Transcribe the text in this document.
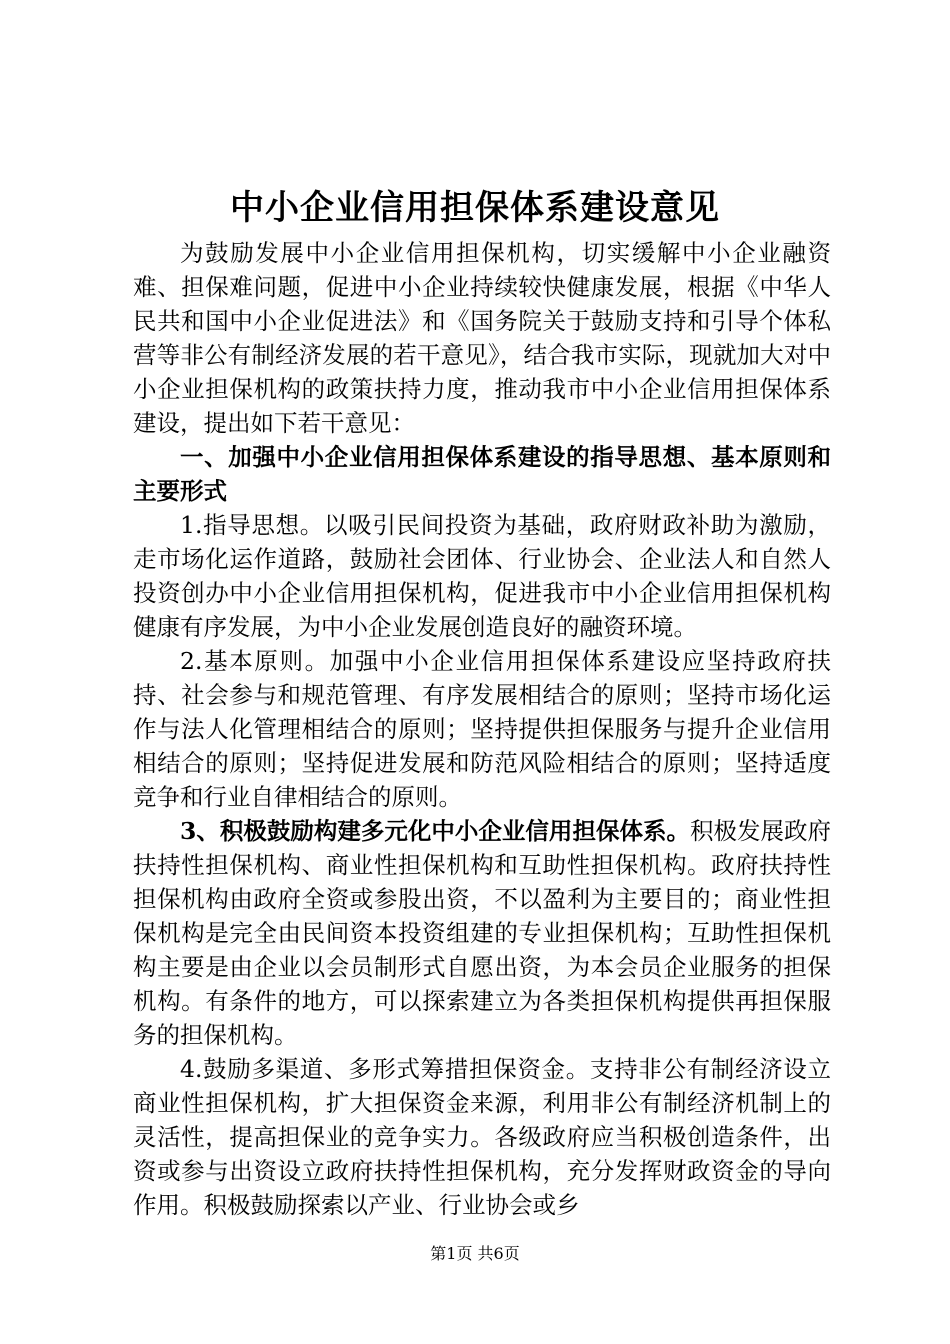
中小企业信用担保体系建设意见

为鼓励发展中小企业信用担保机构，切实缓解中小企业融资难、担保难问题，促进中小企业持续较快健康发展，根据《中华人民共和国中小企业促进法》和《国务院关于鼓励支持和引导个体私营等非公有制经济发展的若干意见》，结合我市实际，现就加大对中小企业担保机构的政策扶持力度，推动我市中小企业信用担保体系建设，提出如下若干意见：

一、加强中小企业信用担保体系建设的指导思想、基本原则和主要形式

1.指导思想。以吸引民间投资为基础，政府财政补助为激励，走市场化运作道路，鼓励社会团体、行业协会、企业法人和自然人投资创办中小企业信用担保机构，促进我市中小企业信用担保机构健康有序发展，为中小企业发展创造良好的融资环境。

2.基本原则。加强中小企业信用担保体系建设应坚持政府扶持、社会参与和规范管理、有序发展相结合的原则；坚持市场化运作与法人化管理相结合的原则；坚持提供担保服务与提升企业信用相结合的原则；坚持促进发展和防范风险相结合的原则；坚持适度竞争和行业自律相结合的原则。

3、积极鼓励构建多元化中小企业信用担保体系。积极发展政府扶持性担保机构、商业性担保机构和互助性担保机构。政府扶持性担保机构由政府全资或参股出资，不以盈利为主要目的；商业性担保机构是完全由民间资本投资组建的专业担保机构；互助性担保机构主要是由企业以会员制形式自愿出资，为本会员企业服务的担保机构。有条件的地方，可以探索建立为各类担保机构提供再担保服务的担保机构。

4.鼓励多渠道、多形式筹措担保资金。支持非公有制经济设立商业性担保机构，扩大担保资金来源，利用非公有制经济机制上的灵活性，提高担保业的竞争实力。各级政府应当积极创造条件，出资或参与出资设立政府扶持性担保机构，充分发挥财政资金的导向作用。积极鼓励探索以产业、行业协会或乡

第1页 共6页
